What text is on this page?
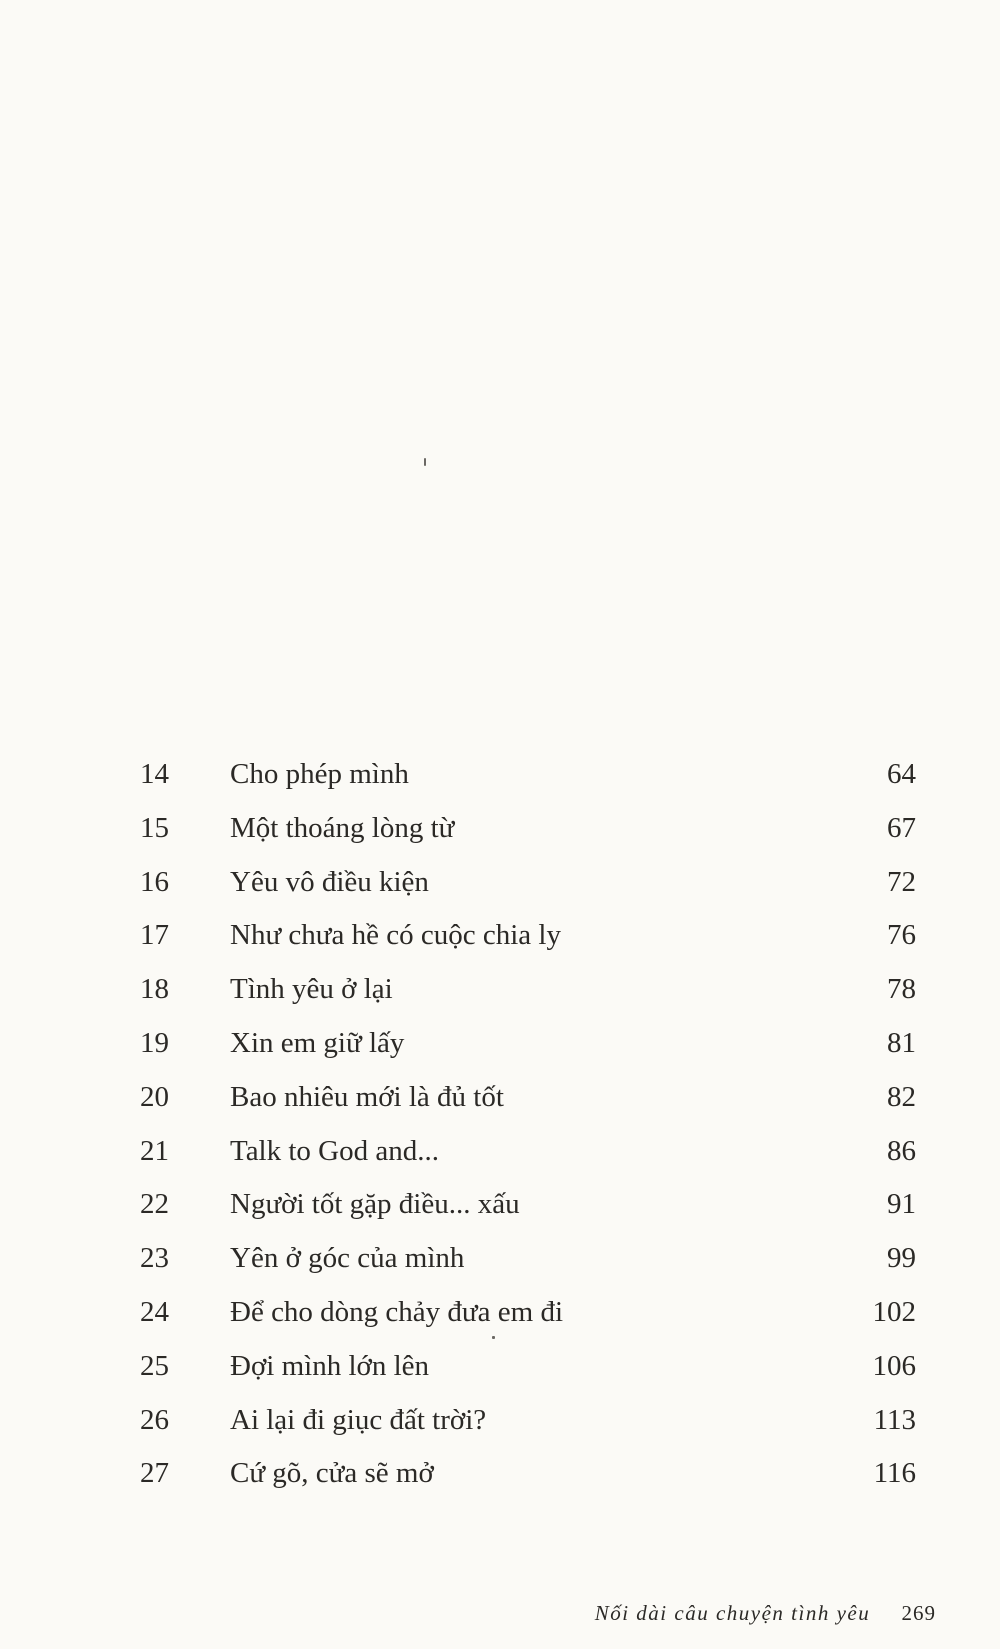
14	Cho phép mình	64
15	Một thoáng lòng từ	67
16	Yêu vô điều kiện	72
17	Như chưa hề có cuộc chia ly	76
18	Tình yêu ở lại	78
19	Xin em giữ lấy	81
20	Bao nhiêu mới là đủ tốt	82
21	Talk to God and...	86
22	Người tốt gặp điều... xấu	91
23	Yên ở góc của mình	99
24	Để cho dòng chảy đưa em đi	102
25	Đợi mình lớn lên	106
26	Ai lại đi giục đất trời?	113
27	Cứ gõ, cửa sẽ mở	116
Nối dài câu chuyện tình yêu 269
